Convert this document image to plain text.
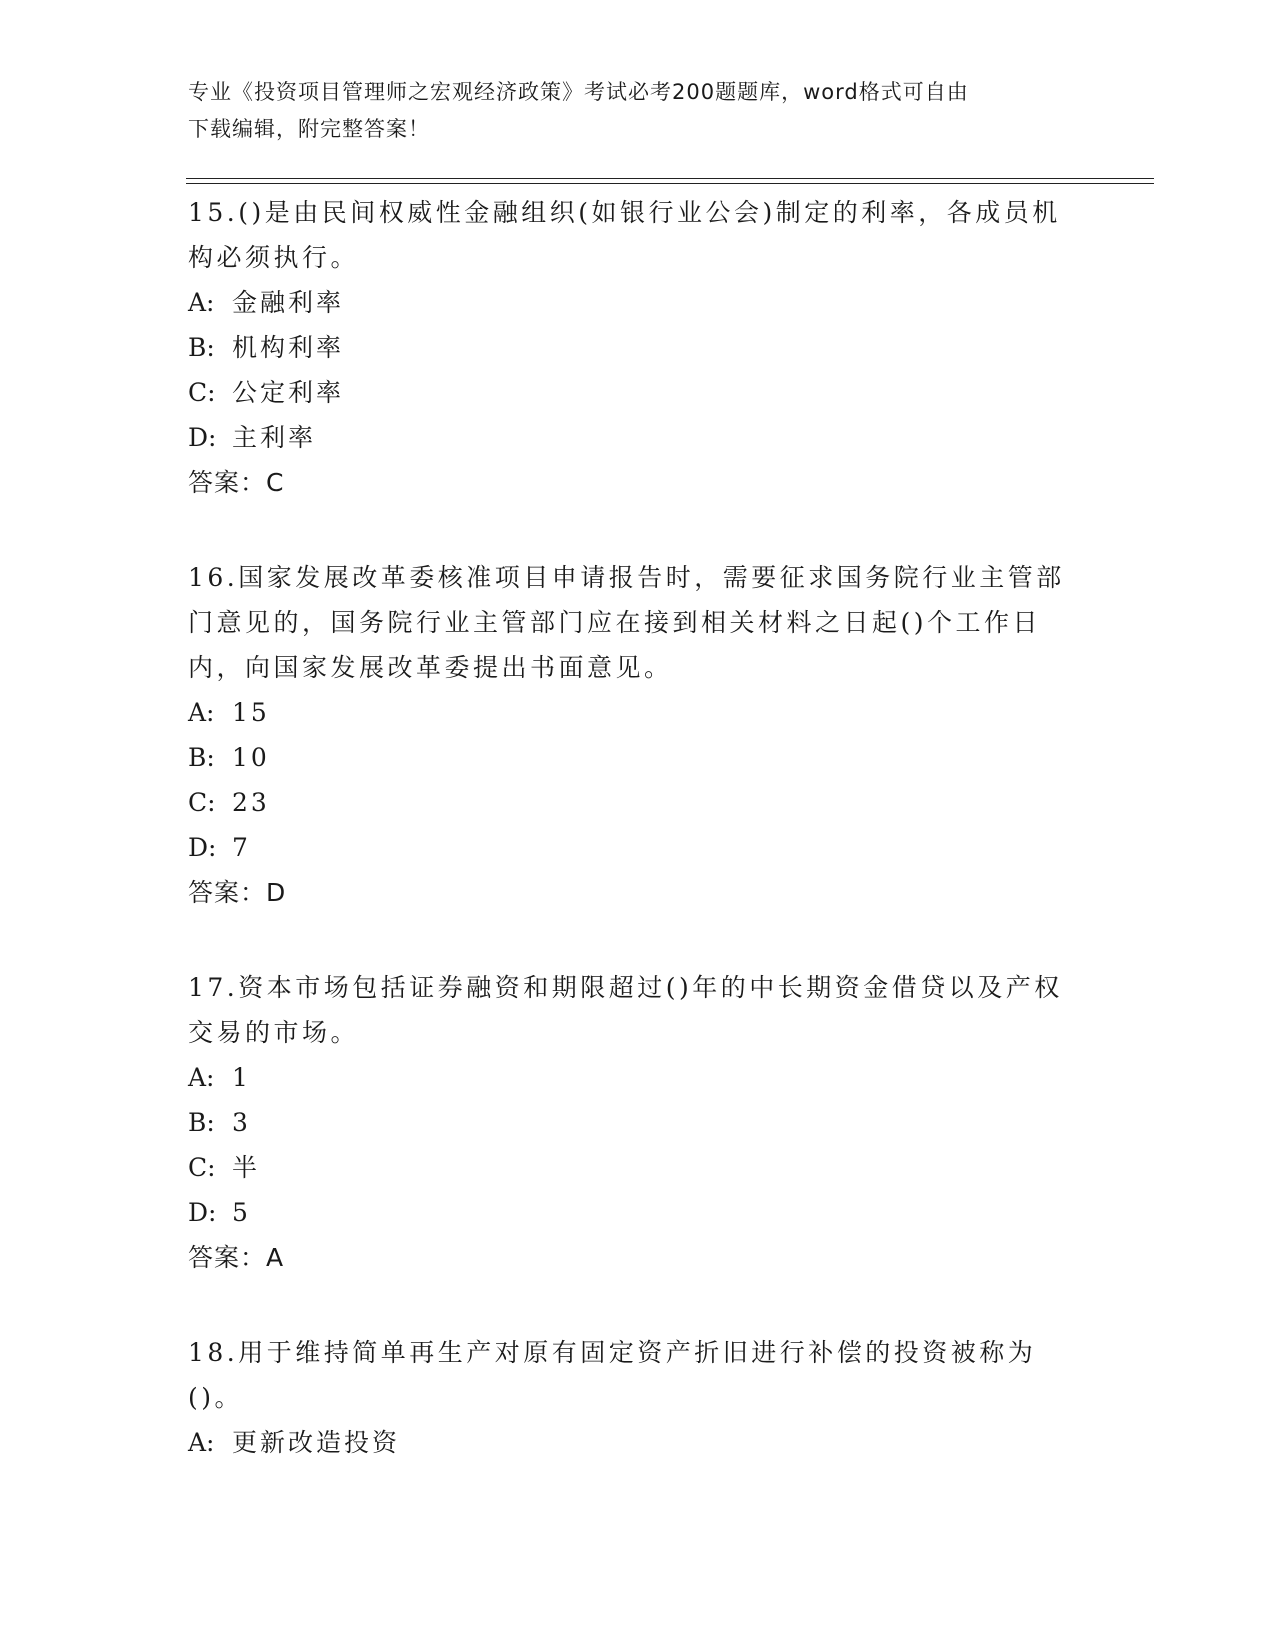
专业《投资项目管理师之宏观经济政策》考试必考200题题库，word格式可自由
下载编辑，附完整答案！
15.()是由民间权威性金融组织(如银行业公会)制定的利率，各成员机构必须执行。
A: 金融利率
B: 机构利率
C: 公定利率
D: 主利率
答案：C
16.国家发展改革委核准项目申请报告时，需要征求国务院行业主管部门意见的，国务院行业主管部门应在接到相关材料之日起()个工作日内，向国家发展改革委提出书面意见。
A: 15
B: 10
C: 23
D: 7
答案：D
17.资本市场包括证券融资和期限超过()年的中长期资金借贷以及产权交易的市场。
A: 1
B: 3
C: 半
D: 5
答案：A
18.用于维持简单再生产对原有固定资产折旧进行补偿的投资被称为()。
A: 更新改造投资
